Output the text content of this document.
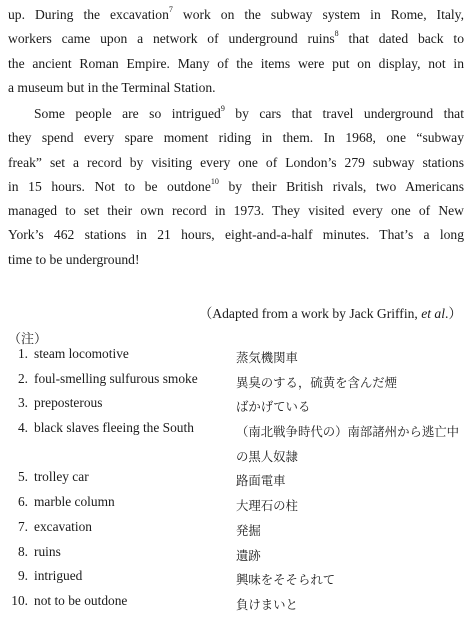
up. During the excavation$^7$ work on the subway system in Rome, Italy,
workers came upon a network of underground ruins$^8$ that dated back to
the ancient Roman Empire. Many of the items were put on display, not in
a museum but in the Terminal Station.
Some people are so intrigued$^9$ by cars that travel underground that
they spend every spare moment riding in them. In 1968, one “subway
freak” set a record by visiting every one of London’s 279 subway stations
in 15 hours. Not to be outdone$^{10}$ by their British rivals, two Americans
managed to set their own record in 1973. They visited every one of New
York’s 462 stations in 21 hours, eight-and-a-half minutes. That’s a long
time to be underground!
（Adapted from a work by Jack Griffin, et al.）
（注）
1. steam locomotive	蒸気機関車
2. foul-smelling sulfurous smoke	異臭のする，硫黄を含んだ煙
3. preposterous	ばかげている
4. black slaves fleeing the South	（南北戦争時代の）南部諸州から逃亡中の黒人奴隷
5. trolley car	路面電車
6. marble column	大理石の柱
7. excavation	発掘
8. ruins	遺跡
9. intrigued	興味をそそられて
10. not to be outdone	負けまいと
